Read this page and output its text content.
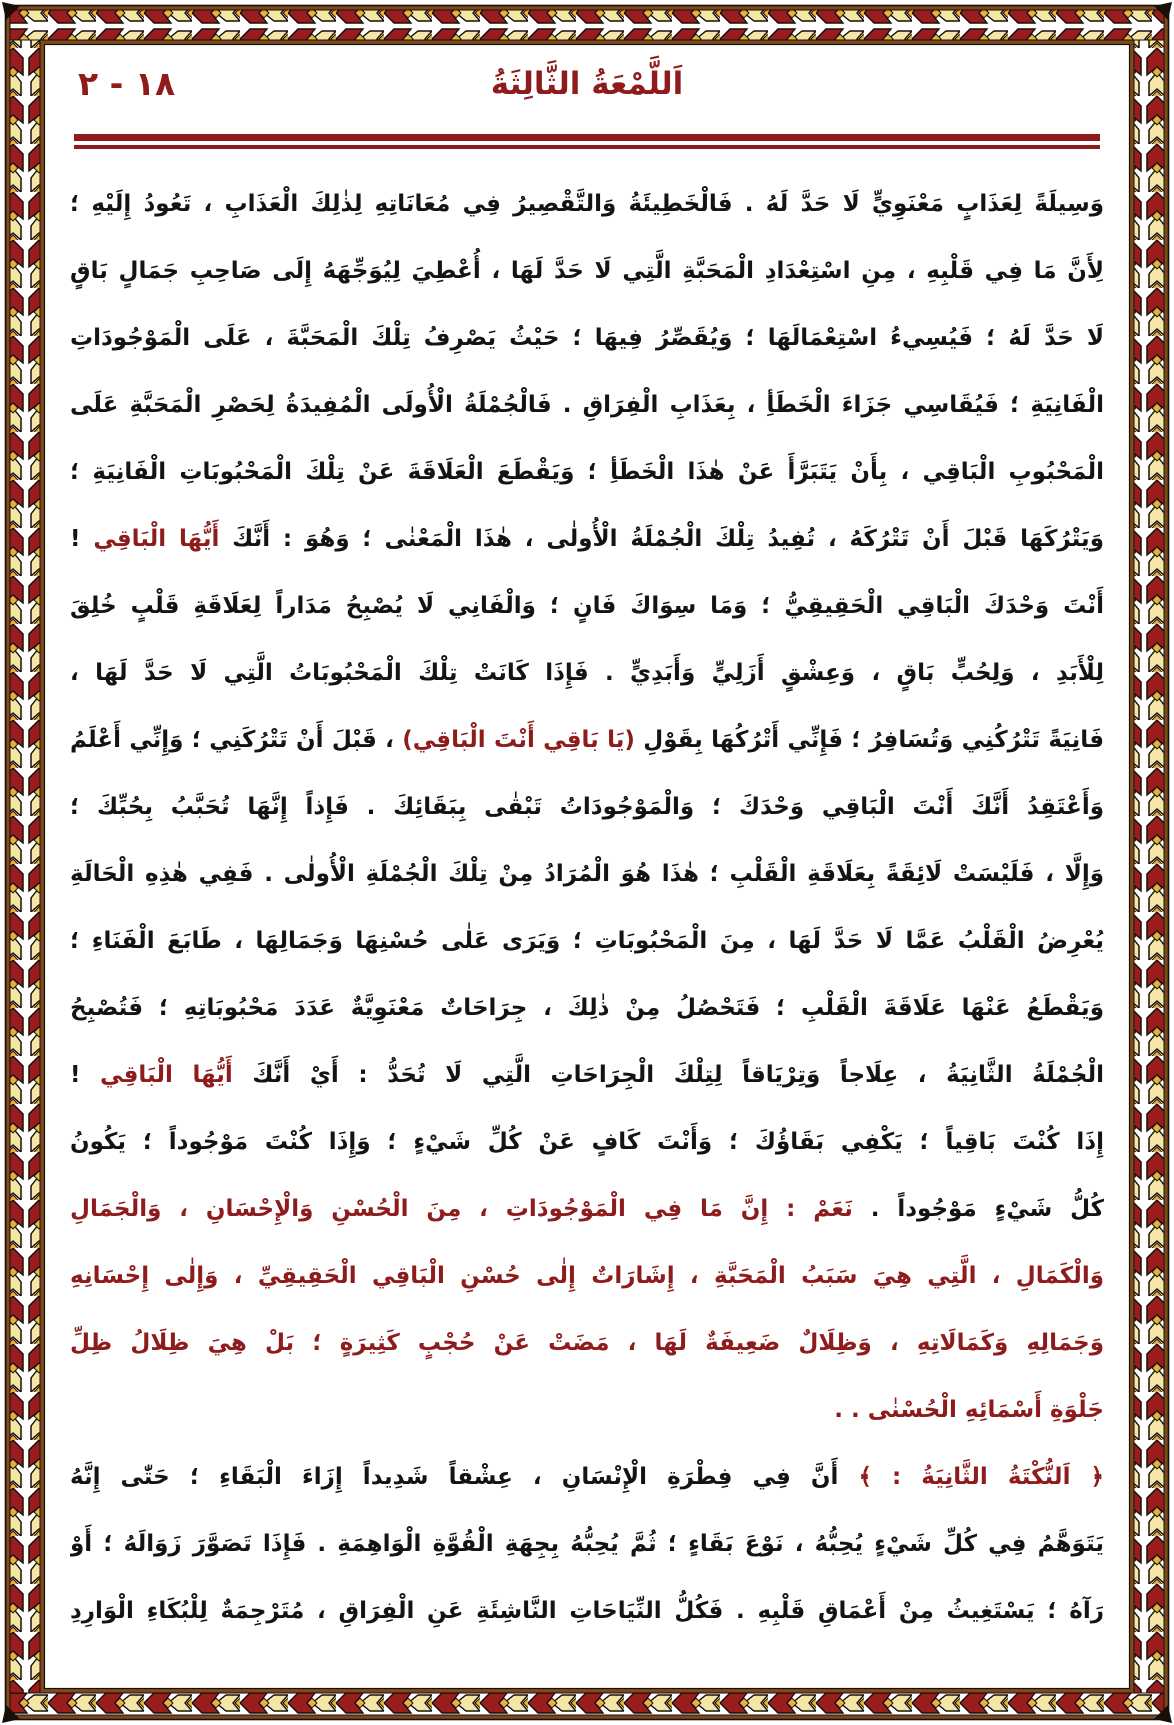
اَللَّمْعَةُ الثَّالِثَةُ
١٨ - ٢
وَسِيلَةً لِعَذَابٍ مَعْنَوِيٍّ لَا حَدَّ لَهُ . فَالْخَطِيئَةُ وَالتَّقْصِيرُ فِي مُعَانَاتِهِ لِذٰلِكَ الْعَذَابِ ، تَعُودُ إِلَيْهِ ؛
لِأَنَّ مَا فِي قَلْبِهِ ، مِنِ اسْتِعْدَادِ الْمَحَبَّةِ الَّتِي لَا حَدَّ لَهَا ، أُعْطِيَ لِيُوَجِّهَهُ إِلَى صَاحِبِ جَمَالٍ بَاقٍ
لَا حَدَّ لَهُ ؛ فَيُسِيءُ اسْتِعْمَالَهَا ؛ وَيُقَصِّرُ فِيهَا ؛ حَيْثُ يَصْرِفُ تِلْكَ الْمَحَبَّةَ ، عَلَى الْمَوْجُودَاتِ
الْفَانِيَةِ ؛ فَيُقَاسِي جَزَاءَ الْخَطَأِ ، بِعَذَابِ الْفِرَاقِ . فَالْجُمْلَةُ الْأُولَى الْمُفِيدَةُ لِحَصْرِ الْمَحَبَّةِ عَلَى
الْمَحْبُوبِ الْبَاقِي ، بِأَنْ يَتَبَرَّأَ عَنْ هٰذَا الْخَطَأِ ؛ وَيَقْطَعَ الْعَلَاقَةَ عَنْ تِلْكَ الْمَحْبُوبَاتِ الْفَانِيَةِ ؛
وَيَتْرُكَهَا قَبْلَ أَنْ تَتْرُكَهُ ، تُفِيدُ تِلْكَ الْجُمْلَةُ الْأُولٰى ، هٰذَا الْمَعْنٰى ؛ وَهُوَ : أَنَّكَ أَيُّهَا الْبَاقِي !
أَنْتَ وَحْدَكَ الْبَاقِي الْحَقِيقِيُّ ؛ وَمَا سِوَاكَ فَانٍ ؛ وَالْفَانِي لَا يُصْبِحُ مَدَاراً لِعَلَاقَةِ قَلْبٍ خُلِقَ
لِلْأَبَدِ ، وَلِحُبٍّ بَاقٍ ، وَعِشْقٍ أَزَلِيٍّ وَأَبَدِيٍّ . فَإِذَا كَانَتْ تِلْكَ الْمَحْبُوبَاتُ الَّتِي لَا حَدَّ لَهَا ،
فَانِيَةً تَتْرُكُنِي وَتُسَافِرُ ؛ فَإِنِّي أَتْرُكُهَا بِقَوْلِ (يَا بَاقِي أَنْتَ الْبَاقِي) ، قَبْلَ أَنْ تَتْرُكَنِي ؛ وَإِنِّي أَعْلَمُ
وَأَعْتَقِدُ أَنَّكَ أَنْتَ الْبَاقِي وَحْدَكَ ؛ وَالْمَوْجُودَاتُ تَبْقٰى بِبَقَائِكَ . فَإِذاً إِنَّهَا تُحَبَّبُ بِحُبِّكَ ؛
وَإِلَّا ، فَلَيْسَتْ لَائِقَةً بِعَلَاقَةِ الْقَلْبِ ؛ هٰذَا هُوَ الْمُرَادُ مِنْ تِلْكَ الْجُمْلَةِ الْأُولٰى . فَفِي هٰذِهِ الْحَالَةِ
يُعْرِضُ الْقَلْبُ عَمَّا لَا حَدَّ لَهَا ، مِنَ الْمَحْبُوبَاتِ ؛ وَيَرَى عَلٰى حُسْنِهَا وَجَمَالِهَا ، طَابَعَ الْفَنَاءِ ؛
وَيَقْطَعُ عَنْهَا عَلَاقَةَ الْقَلْبِ ؛ فَتَحْصُلُ مِنْ ذٰلِكَ ، جِرَاحَاتٌ مَعْنَوِيَّةٌ عَدَدَ مَحْبُوبَاتِهِ ؛ فَتُصْبِحُ
الْجُمْلَةُ الثَّانِيَةُ ، عِلَاجاً وَتِرْيَاقاً لِتِلْكَ الْجِرَاحَاتِ الَّتِي لَا تُحَدُّ : أَيْ أَنَّكَ أَيُّهَا الْبَاقِي !
إِذَا كُنْتَ بَاقِياً ؛ يَكْفِي بَقَاؤُكَ ؛ وَأَنْتَ كَافٍ عَنْ كُلِّ شَيْءٍ ؛ وَإِذَا كُنْتَ مَوْجُوداً ؛ يَكُونُ
كُلُّ شَيْءٍ مَوْجُوداً . نَعَمْ : إِنَّ مَا فِي الْمَوْجُودَاتِ ، مِنَ الْحُسْنِ وَالْإِحْسَانِ ، وَالْجَمَالِ
وَالْكَمَالِ ، الَّتِي هِيَ سَبَبُ الْمَحَبَّةِ ، إِشَارَاتٌ إِلٰى حُسْنِ الْبَاقِي الْحَقِيقِيِّ ، وَإِلٰى إِحْسَانِهِ
وَجَمَالِهِ وَكَمَالَاتِهِ ، وَظِلَالٌ ضَعِيفَةٌ لَهَا ، مَضَتْ عَنْ حُجْبٍ كَثِيرَةٍ ؛ بَلْ هِيَ ظِلَالُ ظِلِّ
جَلْوَةِ أَسْمَائِهِ الْحُسْنٰى . .
﴿ اَلنُّكْتَةُ الثَّانِيَةُ : ﴾ أَنَّ فِي فِطْرَةِ الْإِنْسَانِ ، عِشْقاً شَدِيداً إِزَاءَ الْبَقَاءِ ؛ حَتّٰى إِنَّهُ
يَتَوَهَّمُ فِي كُلِّ شَيْءٍ يُحِبُّهُ ، نَوْعَ بَقَاءٍ ؛ ثُمَّ يُحِبُّهُ بِجِهَةِ الْقُوَّةِ الْوَاهِمَةِ . فَإِذَا تَصَوَّرَ زَوَالَهُ ؛ أَوْ
رَآهُ ؛ يَسْتَغِيثُ مِنْ أَعْمَاقِ قَلْبِهِ . فَكُلُّ النِّيَاحَاتِ النَّاشِئَةِ عَنِ الْفِرَاقِ ، مُتَرْجِمَةٌ لِلْبُكَاءِ الْوَارِدِ
